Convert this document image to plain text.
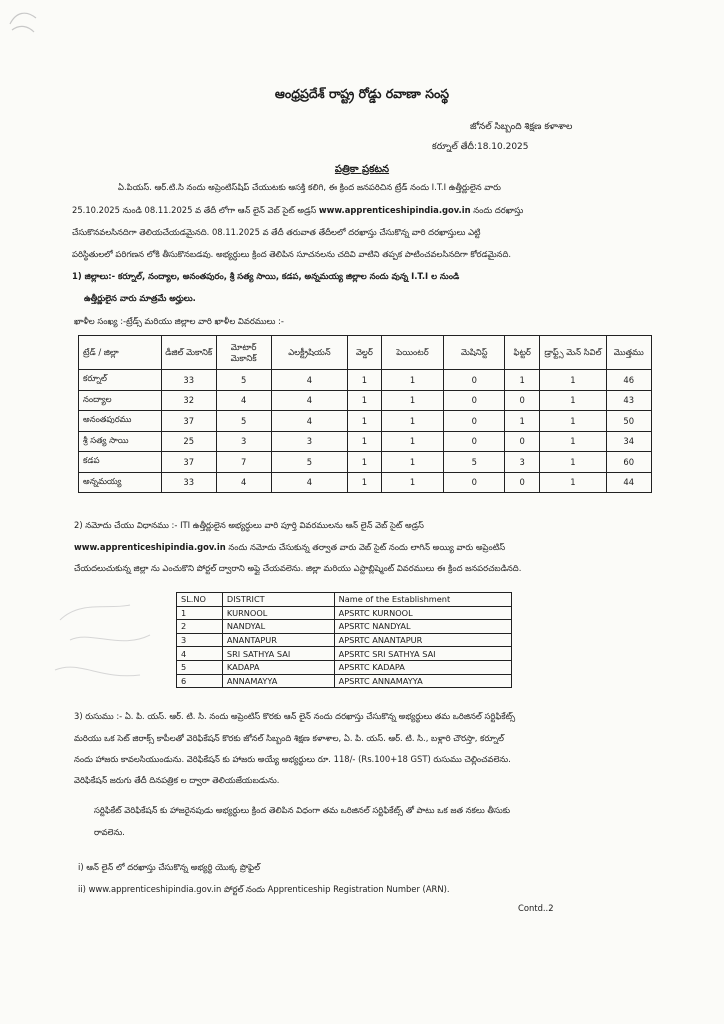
ఆంధ్రప్రదేశ్ రాష్ట్ర రోడ్డు రవాణా సంస్థ
జోనల్ సిబ్బంది శిక్షణ కళాశాల
కర్నూల్ తేదీ:18.10.2025
పత్రికా ప్రకటన
ఏ.పియస్. ఆర్.టి.సి నందు అప్రెంటిస్‌షిప్ చేయుటకు ఆసక్తి కలిగి, ఈ క్రింద జనపరిచిన ట్రేడ్ నందు I.T.I ఉత్తీర్ణులైన వారు
25.10.2025 నుండి 08.11.2025 వ తేదీ లోగా ఆన్ లైన్ వెబ్ సైట్ అడ్రస్ www.apprenticeshipindia.gov.in నందు దరఖాస్తు
చేసుకొనవలసినదిగా తెలియచేయడమైనది. 08.11.2025 వ తేదీ తరువాత తేదీలలో దరఖాస్తు చేసుకొన్న వారి దరఖాస్తులు ఎట్టి
పరిస్థితులలో పరిగణన లోకి తీసుకొనబడవు. అభ్యర్ధులు క్రింద తెలిపిన సూచనలను చదివి వాటిని తప్పక పాటించవలసినదిగా కోరడమైనది.
1) జిల్లాలు:- కర్నూల్, నంద్యాల, అనంతపురం, శ్రీ సత్య సాయి, కడప, అన్నమయ్య జిల్లాల నందు వున్న I.T.I ల నుండి
ఉత్తీర్ణులైన వారు మాత్రమే అర్హులు.
ఖాళీల సంఖ్య :-ట్రేడ్స్ మరియు జిల్లాల వారి ఖాళీల వివరములు :-
ట్రేడ్ / జిల్లా	డీజిల్ మెకానిక్	మోటార్ మెకానిక్	ఎలక్ట్రీషియన్	వెల్డర్	పెయింటర్	మెషినిస్ట్	ఫిట్టర్	డ్రాఫ్ట్స్ మెన్ సివిల్	మొత్తము
కర్నూల్	33	5	4	1	1	0	1	1	46
నంద్యాల	32	4	4	1	1	0	0	1	43
అనంతపురము	37	5	4	1	1	0	1	1	50
శ్రీ సత్య సాయి	25	3	3	1	1	0	0	1	34
కడప	37	7	5	1	1	5	3	1	60
అన్నమయ్య	33	4	4	1	1	0	0	1	44
2) నమోదు చేయు విధానము :- ITI ఉత్తీర్ణులైన అభ్యర్ధులు వారి పూర్తి వివరములను ఆన్ లైన్ వెబ్ సైట్ అడ్రస్
www.apprenticeshipindia.gov.in నందు నమోదు చేసుకున్న తర్వాత వారు వెబ్ సైట్ నందు లాగిన్ అయ్యి వారు అప్రెంటిస్‌
చేయదలుచుకున్న జిల్లా ను ఎంచుకొని పోర్టల్ ద్వారాని అప్లై చేయవలెను. జిల్లా మరియు ఎస్టాబ్లిష్మెంట్ వివరములు ఈ క్రింద జనపరచబడినది.
SL.NO	DISTRICT	Name of the Establishment
1	KURNOOL	APSRTC KURNOOL
2	NANDYAL	APSRTC NANDYAL
3	ANANTAPUR	APSRTC ANANTAPUR
4	SRI SATHYA SAI	APSRTC SRI SATHYA SAI
5	KADAPA	APSRTC KADAPA
6	ANNAMAYYA	APSRTC ANNAMAYYA
3) రుసుము :- ఏ. పి. యస్. ఆర్. టి. సి. నందు అప్రెంటిస్ కొరకు ఆన్ లైన్ నందు దరఖాస్తు చేసుకొన్న అభ్యర్థులు తమ ఒరిజినల్ సర్టిఫికేట్స్
మరియు ఒక సెట్ జిరాక్స్ కాపీలతో వెరిఫికేషన్ కొరకు జోనల్ సిబ్బంది శిక్షణ కళాశాల, ఏ. పి. యస్. ఆర్. టి. సి., బళ్లారి చౌరస్తా, కర్నూల్
నందు హాజరు కావలసియుండును. వెరిఫికేషన్ కు హాజరు అయ్యే అభ్యర్థులు రూ. 118/- (Rs.100+18 GST) రుసుము చెల్లించవలెను.
వెరిఫికేషన్ జరుగు తేదీ దినపత్రిక ల ద్వారా తెలియజేయబడును.
సర్టిఫికేట్ వెరిఫికేషన్ కు హాజరైనపుడు అభ్యర్ధులు క్రింద తెలిపిన విధంగా తమ ఒరిజినల్ సర్టిఫికేట్స్ తో పాటు ఒక జత నకలు తీసుకు
రావలెను.
i) ఆన్ లైన్ లో దరఖాస్తు చేసుకొన్న అభ్యర్థి యొక్క ప్రొఫైల్
ii) www.apprenticeshipindia.gov.in పోర్టల్ నందు Apprenticeship Registration Number (ARN).
Contd..2
